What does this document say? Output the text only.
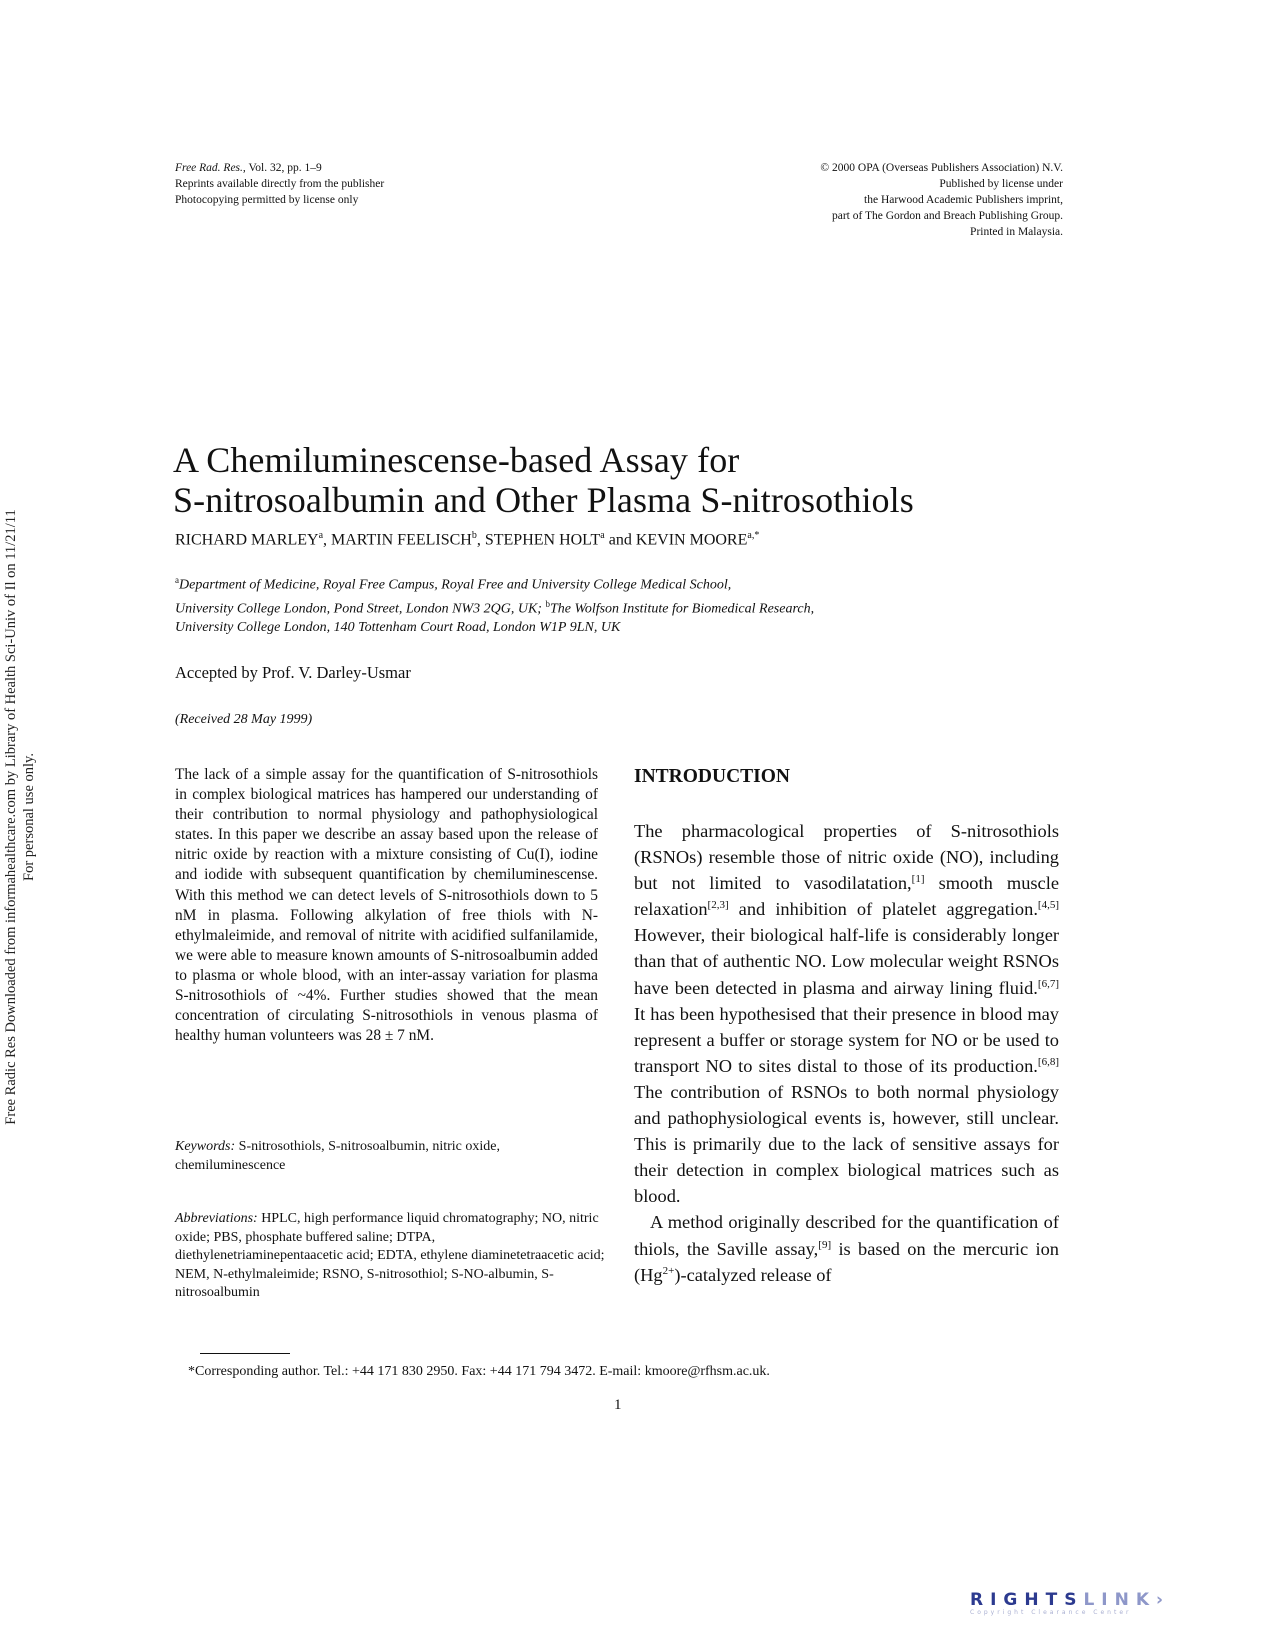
Free Rad. Res., Vol. 32, pp. 1–9
Reprints available directly from the publisher
Photocopying permitted by license only
© 2000 OPA (Overseas Publishers Association) N.V.
Published by license under
the Harwood Academic Publishers imprint,
part of The Gordon and Breach Publishing Group.
Printed in Malaysia.
Free Radic Res Downloaded from informahealthcare.com by Library of Health Sci-Univ of Il on 11/21/11 For personal use only.
A Chemiluminescense-based Assay for
S-nitrosoalbumin and Other Plasma S-nitrosothiols
RICHARD MARLEY$^a$, MARTIN FEELISCH$^b$, STEPHEN HOLT$^a$ and KEVIN $MOORE^{a,*}$
$^a$Department of Medicine, Royal Free Campus, Royal Free and University College Medical School,
University College London, Pond Street, London NW3 2QG, UK; $^b$The Wolfson Institute for Biomedical Research,
University College London, 140 Tottenham Court Road, London W1P 9LN, UK
Accepted by Prof. V. Darley-Usmar
(Received 28 May 1999)
The lack of a simple assay for the quantification of S-nitrosothiols in complex biological matrices has hampered our understanding of their contribution to normal physiology and pathophysiological states. In this paper we describe an assay based upon the release of nitric oxide by reaction with a mixture consisting of Cu(I), iodine and iodide with subsequent quantification by chemiluminescense. With this method we can detect levels of S-nitrosothiols down to 5 nM in plasma. Following alkylation of free thiols with N-ethylmaleimide, and removal of nitrite with acidified sulfanilamide, we were able to measure known amounts of S-nitrosoalbumin added to plasma or whole blood, with an inter-assay variation for plasma S-nitrosothiols of ~4%. Further studies showed that the mean concentration of circulating S-nitrosothiols in venous plasma of healthy human volunteers was 28 ± 7 nM.
Keywords: S-nitrosothiols, S-nitrosoalbumin, nitric oxide, chemiluminescence
Abbreviations: HPLC, high performance liquid chromatography; NO, nitric oxide; PBS, phosphate buffered saline; DTPA, diethylenetriaminepentaacetic acid; EDTA, ethylene diaminetetraacetic acid; NEM, N-ethylmaleimide; RSNO, S-nitrosothiol; S-NO-albumin, S-nitrosoalbumin
INTRODUCTION

The pharmacological properties of S-nitrosothiols (RSNOs) resemble those of nitric oxide (NO), including but not limited to vasodilatation,[1] smooth muscle relaxation[2,3] and inhibition of platelet aggregation.[4,5] However, their biological half-life is considerably longer than that of authentic NO. Low molecular weight RSNOs have been detected in plasma and airway lining fluid.[6,7] It has been hypothesised that their presence in blood may represent a buffer or storage system for NO or be used to transport NO to sites distal to those of its production.[6,8] The contribution of RSNOs to both normal physiology and pathophysiological events is, however, still unclear. This is primarily due to the lack of sensitive assays for their detection in complex biological matrices such as blood.

A method originally described for the quantification of thiols, the Saville assay,[9] is based on the mercuric ion $(Hg^{2+})$-catalyzed release of

*Corresponding author. Tel.: +44 171 830 2950. Fax: +44 171 794 3472. E-mail: kmoore@rfhsm.ac.uk.
1
RIGHTSLINK›
Copyright Clearance Center
